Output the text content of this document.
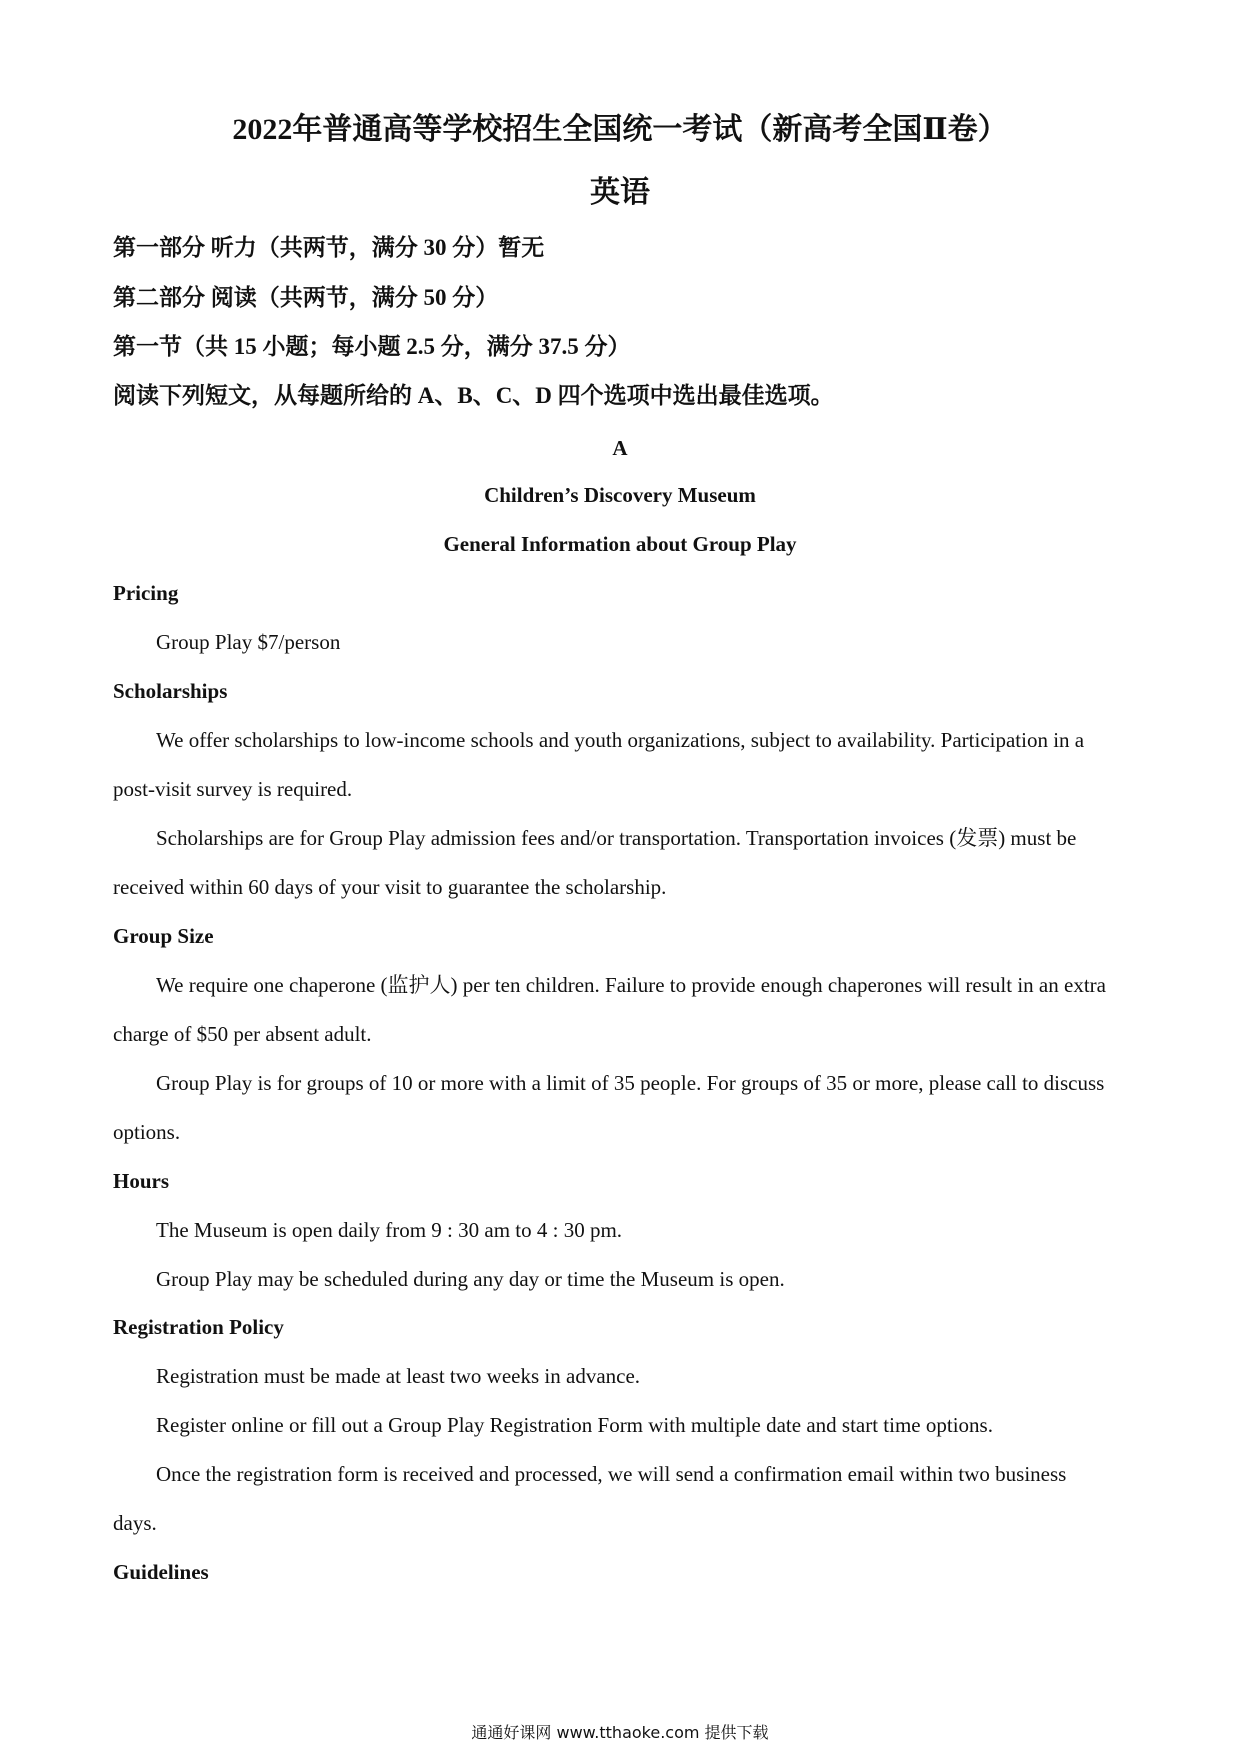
2022年普通高等学校招生全国统一考试（新高考全国Ⅱ卷）
英语
第一部分 听力（共两节，满分 30 分）暂无
第二部分 阅读（共两节，满分 50 分）
第一节（共 15 小题；每小题 2.5 分，满分 37.5 分）
阅读下列短文，从每题所给的 A、B、C、D 四个选项中选出最佳选项。
A
Children’s Discovery Museum
General Information about Group Play
Pricing
Group Play $7/person
Scholarships
We offer scholarships to low-income schools and youth organizations, subject to availability. Participation in a
post-visit survey is required.
Scholarships are for Group Play admission fees and/or transportation. Transportation invoices (发票) must be
received within 60 days of your visit to guarantee the scholarship.
Group Size
We require one chaperone (监护人) per ten children. Failure to provide enough chaperones will result in an extra
charge of $50 per absent adult.
Group Play is for groups of 10 or more with a limit of 35 people. For groups of 35 or more, please call to discuss
options.
Hours
The Museum is open daily from 9 : 30 am to 4 : 30 pm.
Group Play may be scheduled during any day or time the Museum is open.
Registration Policy
Registration must be made at least two weeks in advance.
Register online or fill out a Group Play Registration Form with multiple date and start time options.
Once the registration form is received and processed, we will send a confirmation email within two business
days.
Guidelines
通通好课网 www.tthaoke.com 提供下载
